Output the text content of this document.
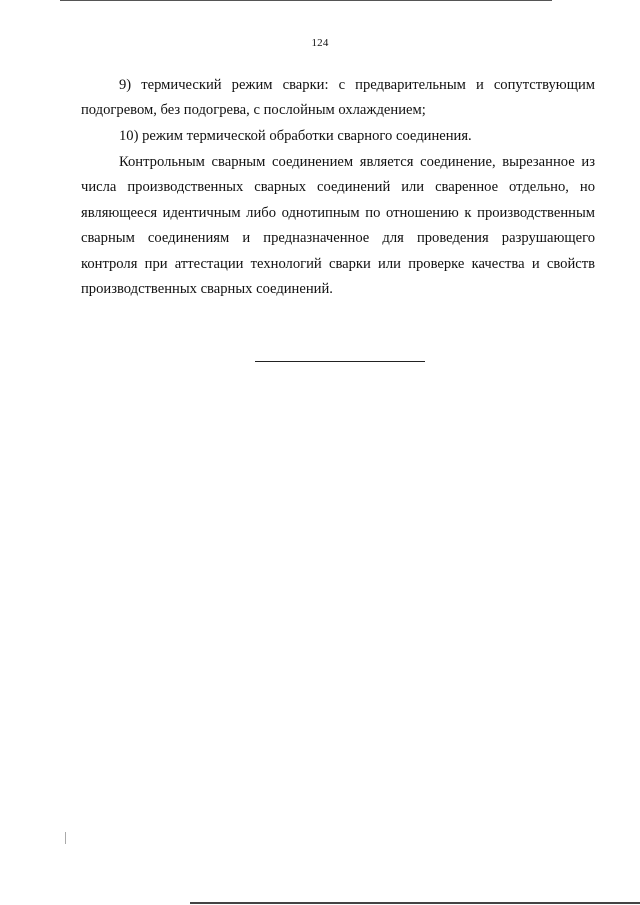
124

9) термический режим сварки: с предварительным и сопутствующим подогревом, без подогрева, с послойным охлаждением;

10) режим термической обработки сварного соединения.

Контрольным сварным соединением является соединение, вырезанное из числа производственных сварных соединений или сваренное отдельно, но являющееся идентичным либо однотипным по отношению к производственным сварным соединениям и предназначенное для проведения разрушающего контроля при аттестации технологий сварки или проверке качества и свойств производственных сварных соединений.
